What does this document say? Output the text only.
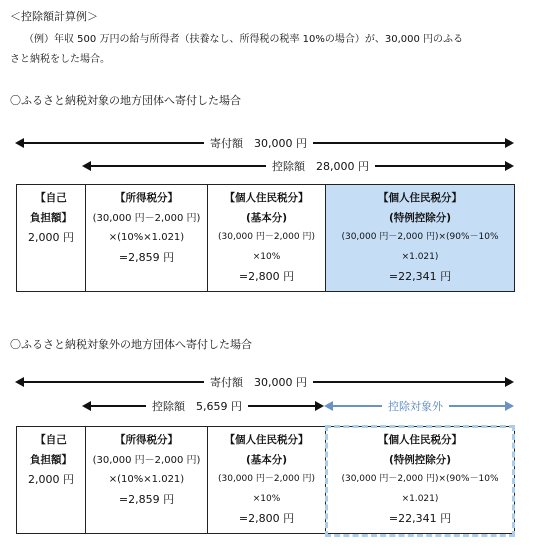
＜控除額計算例＞
（例）年収 500 万円の給与所得者（扶養なし、所得税の税率 10%の場合）が、30,000 円のふる
さと納税をした場合。
〇ふるさと納税対象の地方団体へ寄付した場合
寄付額　30,000 円
控除額　28,000 円
【自己
負担額】
2,000 円

【所得税分】
(30,000 円－2,000 円)
×(10%×1.021)
=2,859 円

【個人住民税分】
(基本分)
(30,000 円－2,000 円)
×10%
=2,800 円

【個人住民税分】
(特例控除分)
(30,000 円－2,000 円)×(90%－10%
×1.021)
=22,341 円
〇ふるさと納税対象外の地方団体へ寄付した場合
寄付額　30,000 円
控除額　5,659 円	控除対象外
【自己
負担額】
2,000 円

【所得税分】
(30,000 円－2,000 円)
×(10%×1.021)
=2,859 円

【個人住民税分】
(基本分)
(30,000 円－2,000 円)
×10%
=2,800 円

【個人住民税分】
(特例控除分)
(30,000 円－2,000 円)×(90%－10%
×1.021)
=22,341 円
